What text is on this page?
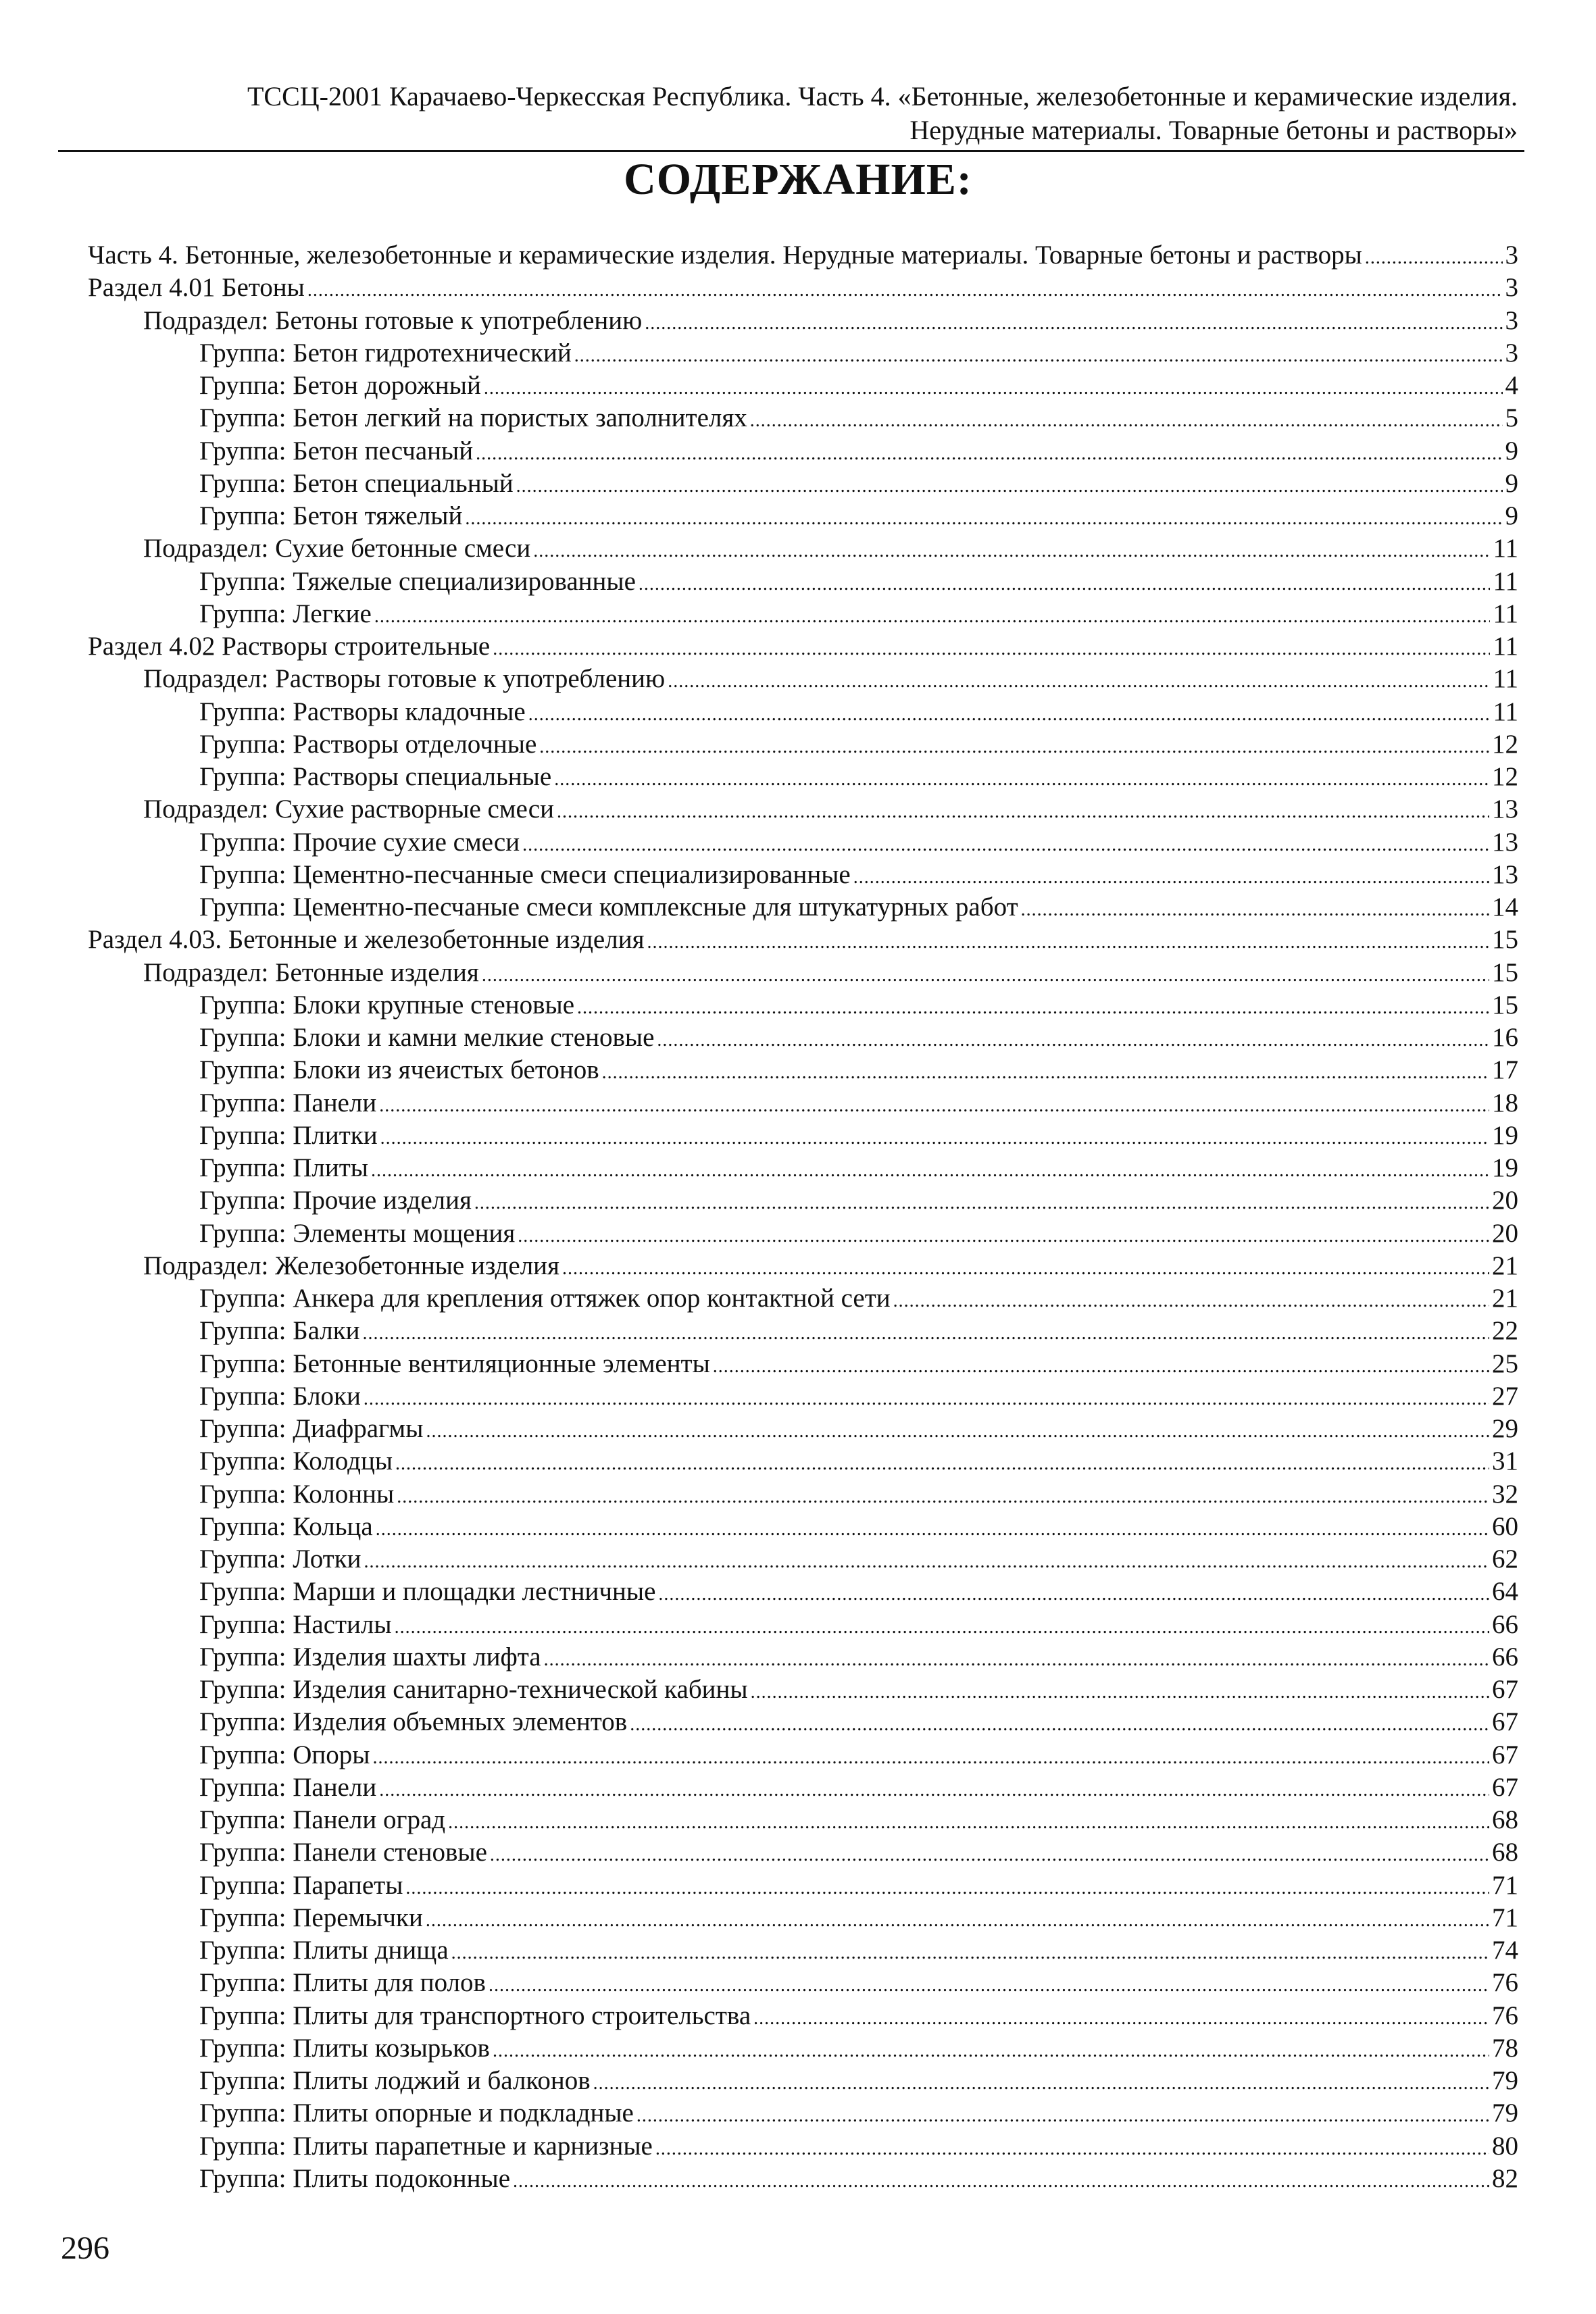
ТССЦ-2001 Карачаево-Черкесская Республика. Часть 4. «Бетонные, железобетонные и керамические изделия.
Нерудные материалы. Товарные бетоны и растворы»
СОДЕРЖАНИЕ:
Часть 4. Бетонные, железобетонные и керамические изделия. Нерудные материалы. Товарные бетоны и растворы .....	3
Раздел 4.01 Бетоны .....	3
Подраздел: Бетоны готовые к употреблению .....	3
Группа: Бетон гидротехнический .....	3
Группа: Бетон дорожный .....	4
Группа: Бетон легкий на пористых заполнителях .....	5
Группа: Бетон песчаный .....	9
Группа: Бетон специальный .....	9
Группа: Бетон тяжелый .....	9
Подраздел: Сухие бетонные смеси .....	11
Группа: Тяжелые специализированные .....	11
Группа: Легкие .....	11
Раздел 4.02 Растворы строительные .....	11
Подраздел: Растворы готовые к употреблению .....	11
Группа: Растворы кладочные .....	11
Группа: Растворы отделочные .....	12
Группа: Растворы специальные .....	12
Подраздел: Сухие растворные смеси .....	13
Группа: Прочие сухие смеси .....	13
Группа: Цементно-песчанные смеси специализированные .....	13
Группа: Цементно-песчаные смеси комплексные для штукатурных работ .....	14
Раздел 4.03. Бетонные и железобетонные изделия .....	15
Подраздел: Бетонные изделия .....	15
Группа: Блоки крупные стеновые .....	15
Группа: Блоки и камни мелкие стеновые .....	16
Группа: Блоки из ячеистых бетонов .....	17
Группа: Панели .....	18
Группа: Плитки .....	19
Группа: Плиты .....	19
Группа: Прочие изделия .....	20
Группа: Элементы мощения .....	20
Подраздел: Железобетонные изделия .....	21
Группа: Анкера для крепления оттяжек опор контактной сети .....	21
Группа: Балки .....	22
Группа: Бетонные вентиляционные элементы .....	25
Группа: Блоки .....	27
Группа: Диафрагмы .....	29
Группа: Колодцы .....	31
Группа: Колонны .....	32
Группа: Кольца .....	60
Группа: Лотки .....	62
Группа: Марши и площадки лестничные .....	64
Группа: Настилы .....	66
Группа: Изделия шахты лифта .....	66
Группа: Изделия санитарно-технической кабины .....	67
Группа: Изделия объемных элементов .....	67
Группа: Опоры .....	67
Группа: Панели .....	67
Группа: Панели оград .....	68
Группа: Панели стеновые .....	68
Группа: Парапеты .....	71
Группа: Перемычки .....	71
Группа: Плиты днища .....	74
Группа: Плиты для полов .....	76
Группа: Плиты для транспортного строительства .....	76
Группа: Плиты козырьков .....	78
Группа: Плиты лоджий и балконов .....	79
Группа: Плиты опорные и подкладные .....	79
Группа: Плиты парапетные и карнизные .....	80
Группа: Плиты подоконные .....	82
296
